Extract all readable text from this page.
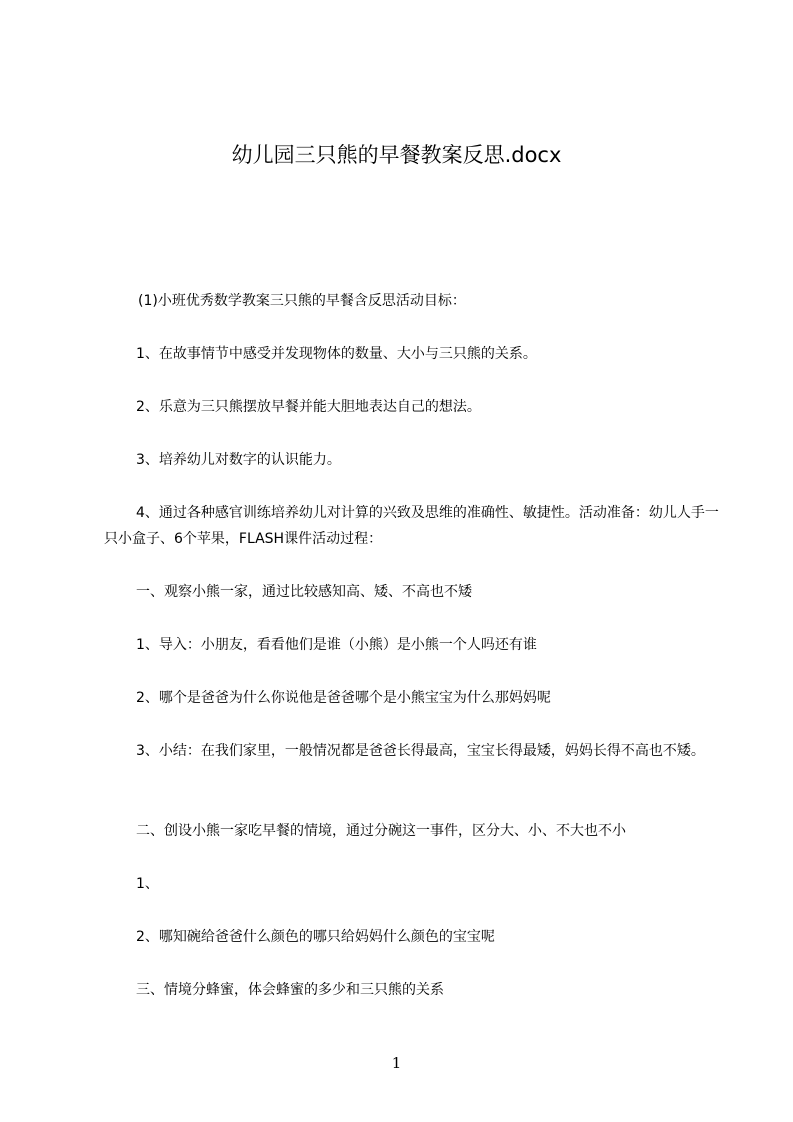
幼儿园三只熊的早餐教案反思.docx
(1)小班优秀数学教案三只熊的早餐含反思活动目标：
1、在故事情节中感受并发现物体的数量、大小与三只熊的关系。
2、乐意为三只熊摆放早餐并能大胆地表达自己的想法。
3、培养幼儿对数字的认识能力。
4、通过各种感官训练培养幼儿对计算的兴致及思维的准确性、敏捷性。活动准备：幼儿人手一只小盒子、6个苹果，FLASH课件活动过程：
一、观察小熊一家，通过比较感知高、矮、不高也不矮
1、导入：小朋友，看看他们是谁（小熊）是小熊一个人吗还有谁
2、哪个是爸爸为什么你说他是爸爸哪个是小熊宝宝为什么那妈妈呢
3、小结：在我们家里，一般情况都是爸爸长得最高，宝宝长得最矮，妈妈长得不高也不矮。
二、创设小熊一家吃早餐的情境，通过分碗这一事件，区分大、小、不大也不小
1、
2、哪知碗给爸爸什么颜色的哪只给妈妈什么颜色的宝宝呢
三、情境分蜂蜜，体会蜂蜜的多少和三只熊的关系
1
